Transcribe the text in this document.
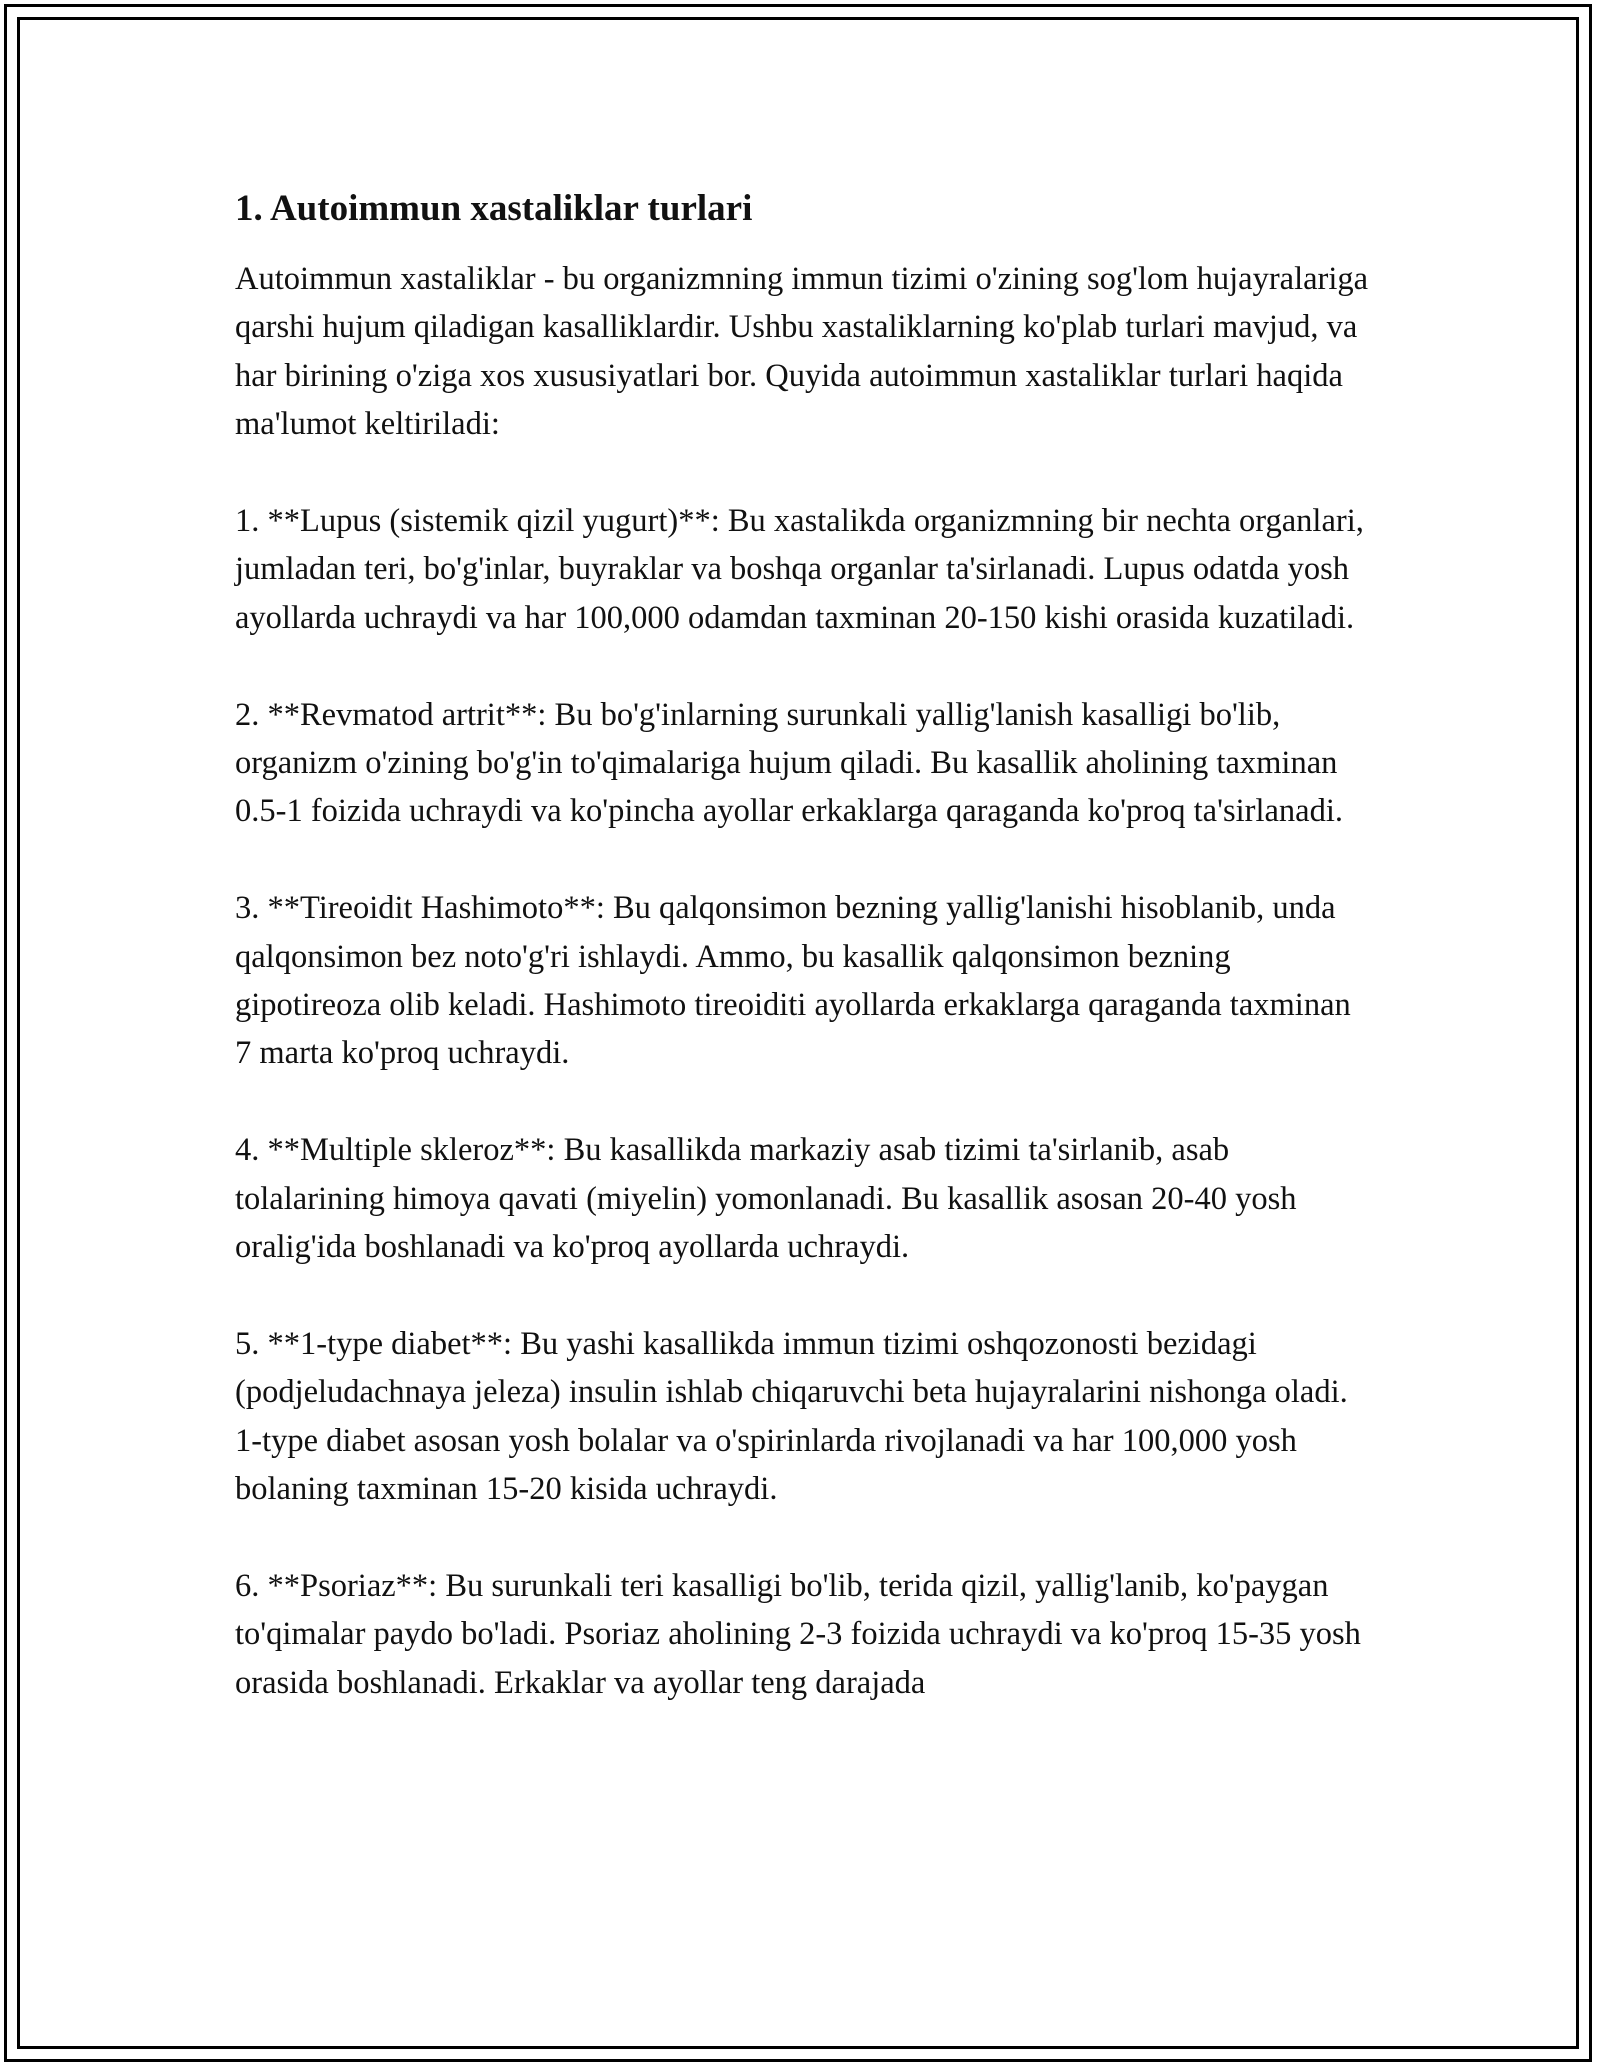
1. Autoimmun xastaliklar turlari

Autoimmun xastaliklar - bu organizmning immun tizimi o'zining sog'lom hujayralariga qarshi hujum qiladigan kasalliklardir. Ushbu xastaliklarning ko'plab turlari mavjud, va har birining o'ziga xos xususiyatlari bor. Quyida autoimmun xastaliklar turlari haqida ma'lumot keltiriladi:

1. **Lupus (sistemik qizil yugurt)**: Bu xastalikda organizmning bir nechta organlari, jumladan teri, bo'g'inlar, buyraklar va boshqa organlar ta'sirlanadi. Lupus odatda yosh ayollarda uchraydi va har 100,000 odamdan taxminan 20-150 kishi orasida kuzatiladi.

2. **Revmatod artrit**: Bu bo'g'inlarning surunkali yallig'lanish kasalligi bo'lib, organizm o'zining bo'g'in to'qimalariga hujum qiladi. Bu kasallik aholining taxminan 0.5-1 foizida uchraydi va ko'pincha ayollar erkaklarga qaraganda ko'proq ta'sirlanadi.

3. **Tireoidit Hashimoto**: Bu qalqonsimon bezning yallig'lanishi hisoblanib, unda qalqonsimon bez noto'g'ri ishlaydi. Ammo, bu kasallik qalqonsimon bezning gipotireoza olib keladi. Hashimoto tireoiditi ayollarda erkaklarga qaraganda taxminan 7 marta ko'proq uchraydi.

4. **Multiple skleroz**: Bu kasallikda markaziy asab tizimi ta'sirlanib, asab tolalarining himoya qavati (miyelin) yomonlanadi. Bu kasallik asosan 20-40 yosh oralig'ida boshlanadi va ko'proq ayollarda uchraydi.

5. **1-type diabet**: Bu yashi kasallikda immun tizimi oshqozonosti bezidagi (podjeludachnaya jeleza) insulin ishlab chiqaruvchi beta hujayralarini nishonga oladi. 1-type diabet asosan yosh bolalar va o'spirinlarda rivojlanadi va har 100,000 yosh bolaning taxminan 15-20 kisida uchraydi.

6. **Psoriaz**: Bu surunkali teri kasalligi bo'lib, terida qizil, yallig'lanib, ko'paygan to'qimalar paydo bo'ladi. Psoriaz aholining 2-3 foizida uchraydi va ko'proq 15-35 yosh orasida boshlanadi. Erkaklar va ayollar teng darajada
